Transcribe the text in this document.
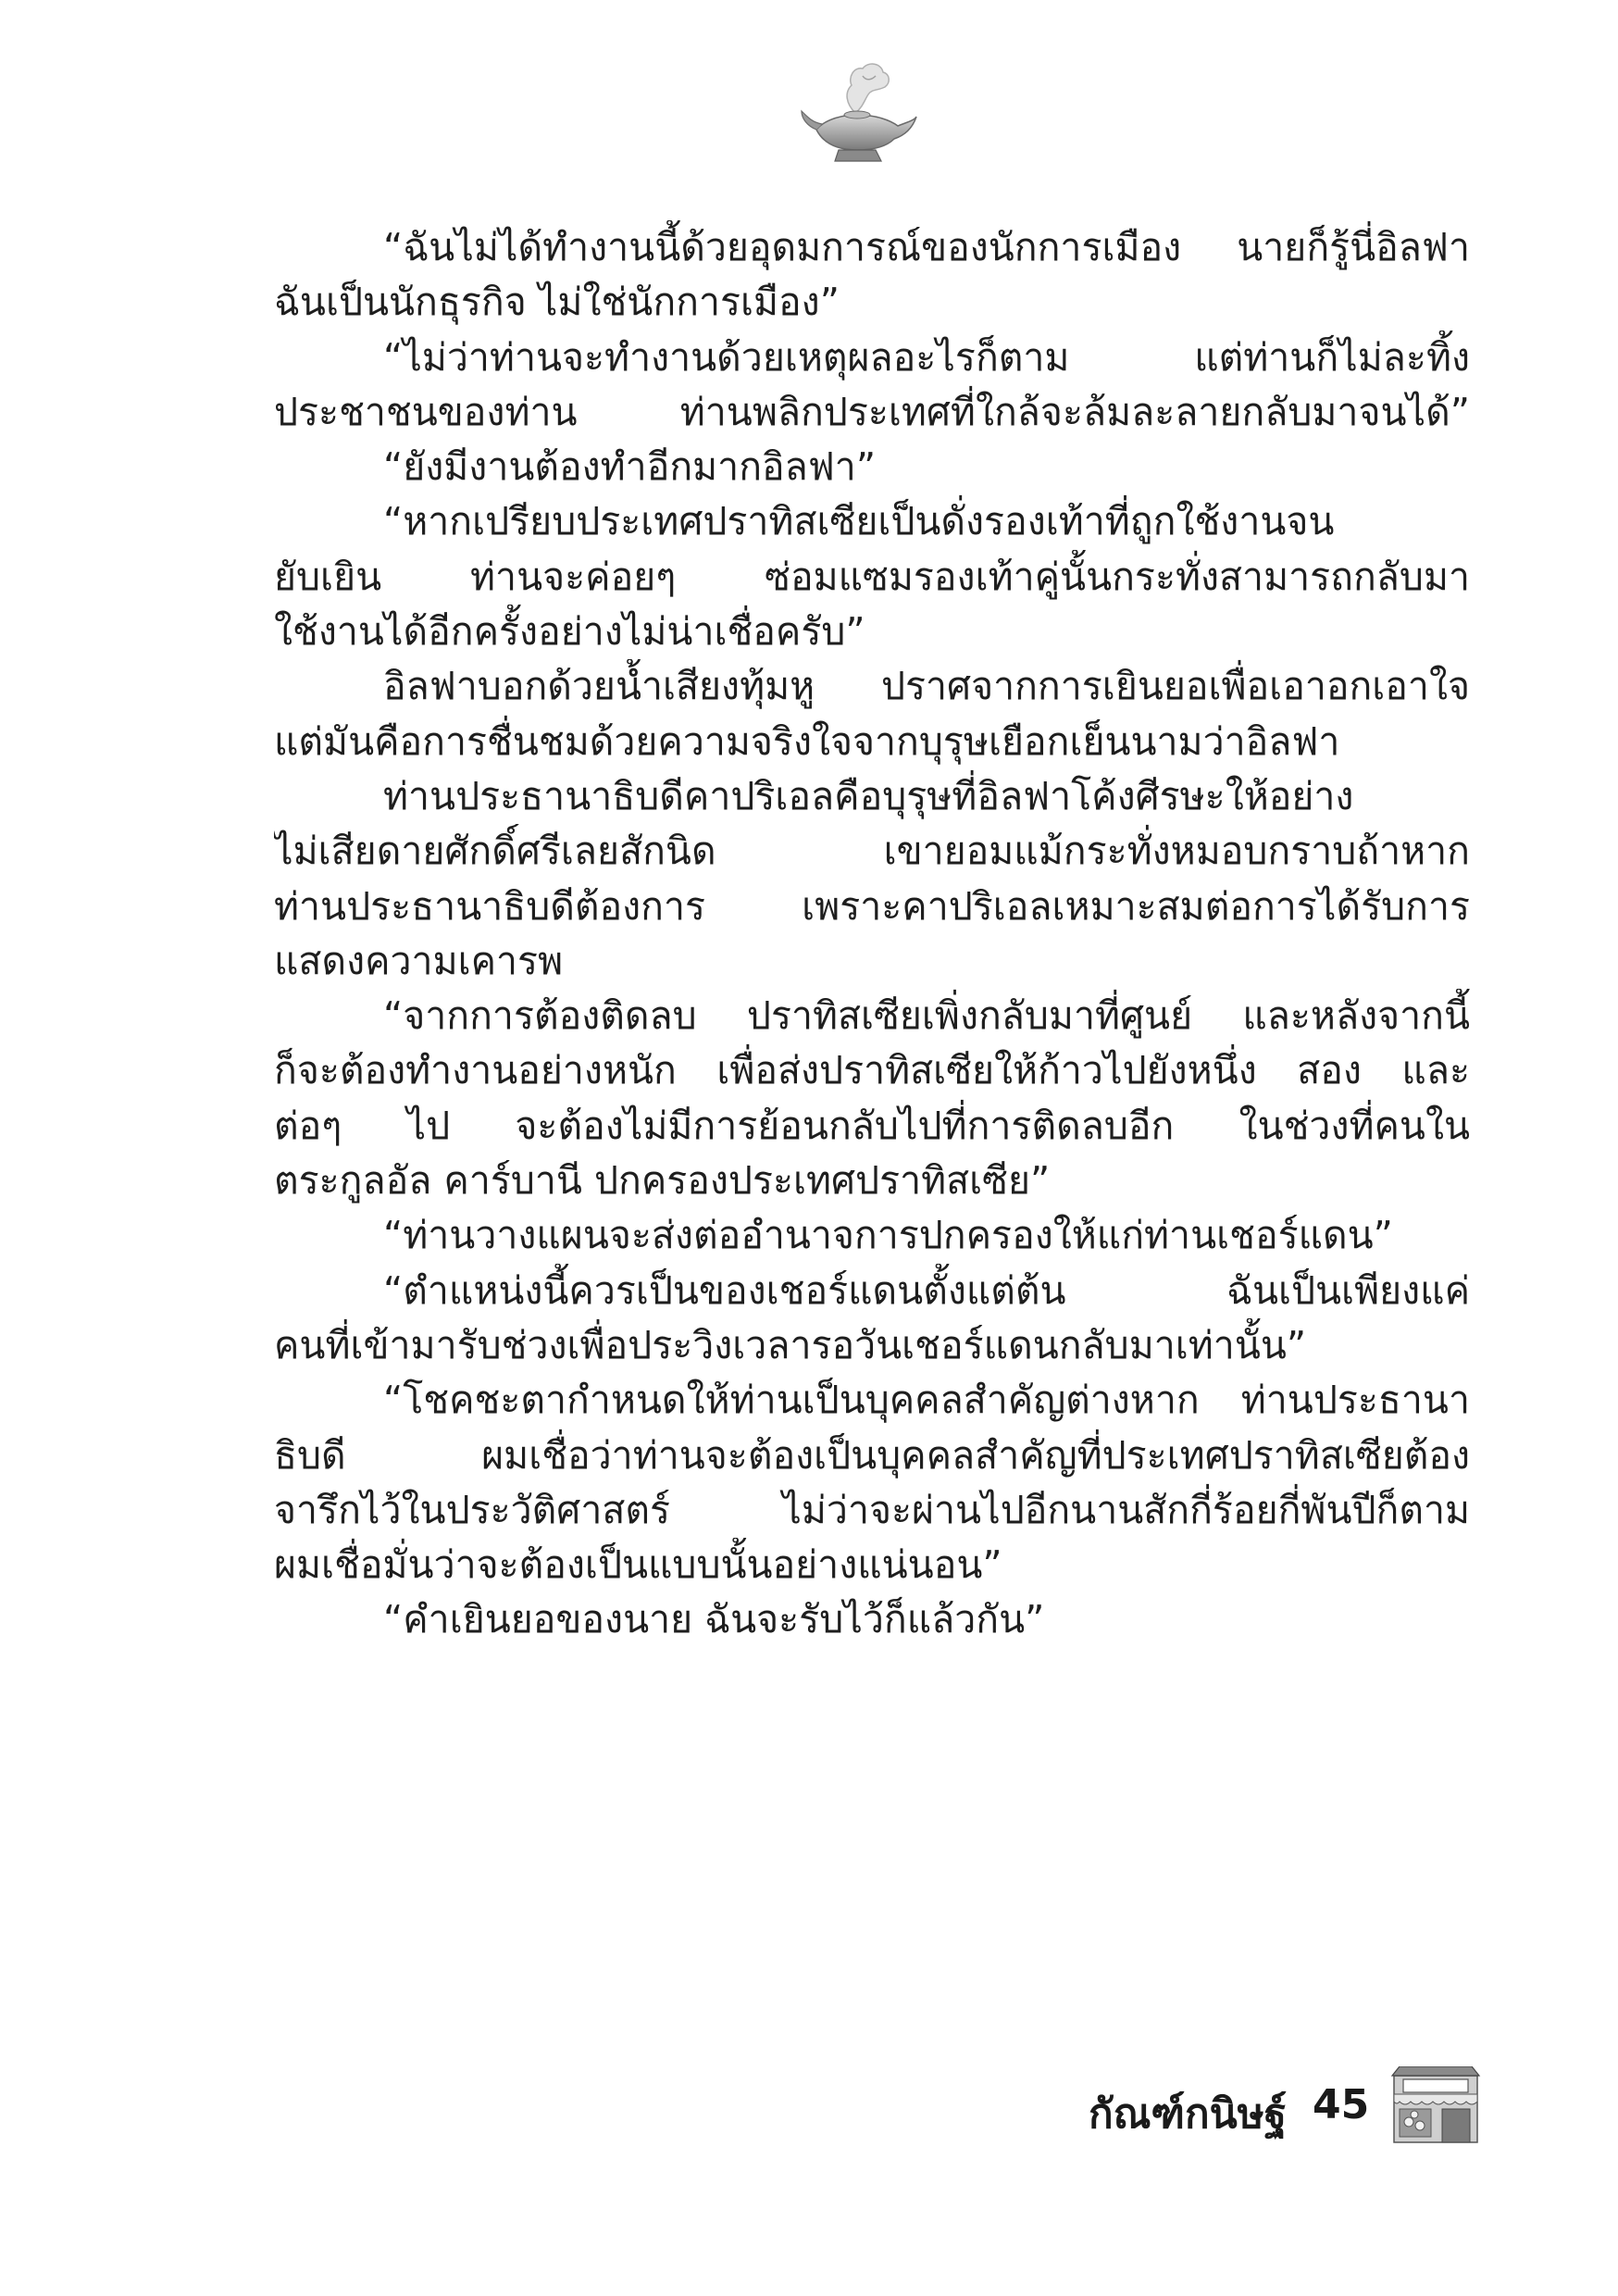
“ฉันไม่ได้ทำงานนี้ด้วยอุดมการณ์ของนักการเมือง นายก็รู้นี่อิลฟา
ฉันเป็นนักธุรกิจ ไม่ใช่นักการเมือง”
“ไม่ว่าท่านจะทำงานด้วยเหตุผลอะไรก็ตาม แต่ท่านก็ไม่ละทิ้ง
ประชาชนของท่าน ท่านพลิกประเทศที่ใกล้จะล้มละลายกลับมาจนได้”
“ยังมีงานต้องทำอีกมากอิลฟา”
“หากเปรียบประเทศปราทิสเซียเป็นดั่งรองเท้าที่ถูกใช้งานจน
ยับเยิน ท่านจะค่อยๆ ซ่อมแซมรองเท้าคู่นั้นกระทั่งสามารถกลับมา
ใช้งานได้อีกครั้งอย่างไม่น่าเชื่อครับ”
อิลฟาบอกด้วยน้ำเสียงทุ้มหู ปราศจากการเยินยอเพื่อเอาอกเอาใจ
แต่มันคือการชื่นชมด้วยความจริงใจจากบุรุษเยือกเย็นนามว่าอิลฟา
ท่านประธานาธิบดีคาปริเอลคือบุรุษที่อิลฟาโค้งศีรษะให้อย่าง
ไม่เสียดายศักดิ์ศรีเลยสักนิด เขายอมแม้กระทั่งหมอบกราบถ้าหาก
ท่านประธานาธิบดีต้องการ เพราะคาปริเอลเหมาะสมต่อการได้รับการ
แสดงความเคารพ
“จากการต้องติดลบ ปราทิสเซียเพิ่งกลับมาที่ศูนย์ และหลังจากนี้
ก็จะต้องทำงานอย่างหนัก เพื่อส่งปราทิสเซียให้ก้าวไปยังหนึ่ง สอง และ
ต่อๆ ไป จะต้องไม่มีการย้อนกลับไปที่การติดลบอีก ในช่วงที่คนใน
ตระกูลอัล คาร์บานี ปกครองประเทศปราทิสเซีย”
“ท่านวางแผนจะส่งต่ออำนาจการปกครองให้แก่ท่านเชอร์แดน”
“ตำแหน่งนี้ควรเป็นของเชอร์แดนตั้งแต่ต้น ฉันเป็นเพียงแค่
คนที่เข้ามารับช่วงเพื่อประวิงเวลารอวันเชอร์แดนกลับมาเท่านั้น”
“โชคชะตากำหนดให้ท่านเป็นบุคคลสำคัญต่างหาก ท่านประธานา
ธิบดี ผมเชื่อว่าท่านจะต้องเป็นบุคคลสำคัญที่ประเทศปราทิสเซียต้อง
จารึกไว้ในประวัติศาสตร์ ไม่ว่าจะผ่านไปอีกนานสักกี่ร้อยกี่พันปีก็ตาม
ผมเชื่อมั่นว่าจะต้องเป็นแบบนั้นอย่างแน่นอน”
“คำเยินยอของนาย ฉันจะรับไว้ก็แล้วกัน”
กัณฑ์กนิษฐ์ 45
